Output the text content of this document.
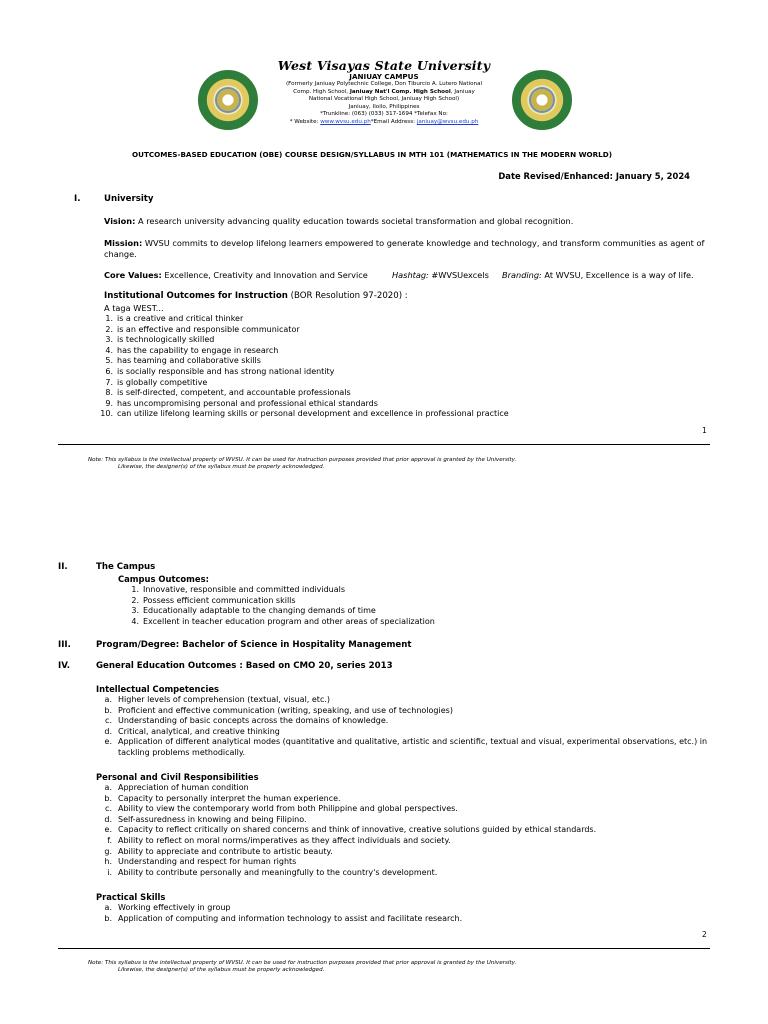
West Visayas State University
JANIUAY CAMPUS
(Formerly Janiuay Polytechnic College, Don Tiburcio A. Lutero National
Comp. High School, Janiuay Nat'l Comp. High School, Janiuay
National Vocational High School, Janiuay High School)
Janiuay, Iloilo, Philippines
*Trunkline: (063) (033) 317-1694 *Telefax No:
* Website: www.wvsu.edu.ph*Email Address: janiuay@wvsu.edu.ph
OUTCOMES-BASED EDUCATION (OBE) COURSE DESIGN/SYLLABUS IN MTH 101 (MATHEMATICS IN THE MODERN WORLD)
Date Revised/Enhanced: January 5, 2024
I.	University
Vision: A research university advancing quality education towards societal transformation and global recognition.
Mission: WVSU commits to develop lifelong learners empowered to generate knowledge and technology, and transform communities as agent of change.
Core Values: Excellence, Creativity and Innovation and Service	Hashtag: #WVSUexcels Branding: At WVSU, Excellence is a way of life.
Institutional Outcomes for Instruction (BOR Resolution 97-2020) :
A taga WEST...
1. is a creative and critical thinker
2. is an effective and responsible communicator
3. is technologically skilled
4. has the capability to engage in research
5. has teaming and collaborative skills
6. is socially responsible and has strong national identity
7. is globally competitive
8. is self-directed, competent, and accountable professionals
9. has uncompromising personal and professional ethical standards
10. can utilize lifelong learning skills or personal development and excellence in professional practice
1
Note: This syllabus is the intellectual property of WVSU. It can be used for instruction purposes provided that prior approval is granted by the University.
Likewise, the designer(s) of the syllabus must be properly acknowledged.
II.	The Campus
Campus Outcomes:
1. Innovative, responsible and committed individuals
2. Possess efficient communication skills
3. Educationally adaptable to the changing demands of time
4. Excellent in teacher education program and other areas of specialization
III.	Program/Degree: Bachelor of Science in Hospitality Management
IV.	General Education Outcomes : Based on CMO 20, series 2013
Intellectual Competencies
a. Higher levels of comprehension (textual, visual, etc.)
b. Proficient and effective communication (writing, speaking, and use of technologies)
c. Understanding of basic concepts across the domains of knowledge.
d. Critical, analytical, and creative thinking
e. Application of different analytical modes (quantitative and qualitative, artistic and scientific, textual and visual, experimental observations, etc.) in tackling problems methodically.
Personal and Civil Responsibilities
a. Appreciation of human condition
b. Capacity to personally interpret the human experience.
c. Ability to view the contemporary world from both Philippine and global perspectives.
d. Self-assuredness in knowing and being Filipino.
e. Capacity to reflect critically on shared concerns and think of innovative, creative solutions guided by ethical standards.
f. Ability to reflect on moral norms/imperatives as they affect individuals and society.
g. Ability to appreciate and contribute to artistic beauty.
h. Understanding and respect for human rights
i. Ability to contribute personally and meaningfully to the country's development.
Practical Skills
a. Working effectively in group
b. Application of computing and information technology to assist and facilitate research.
2
Note: This syllabus is the intellectual property of WVSU. It can be used for instruction purposes provided that prior approval is granted by the University.
Likewise, the designer(s) of the syllabus must be properly acknowledged.
